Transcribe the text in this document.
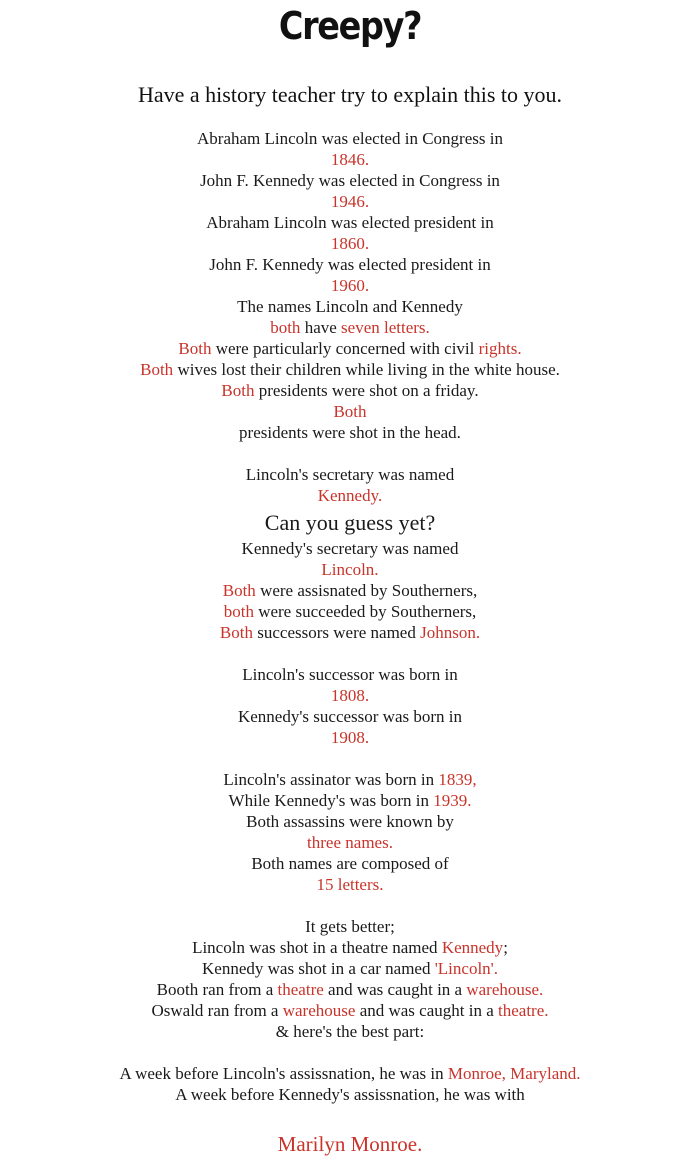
Creepy?
Have a history teacher try to explain this to you.
Abraham Lincoln was elected in Congress in
1846.
John F. Kennedy was elected in Congress in
1946.
Abraham Lincoln was elected president in
1860.
John F. Kennedy was elected president in
1960.
The names Lincoln and Kennedy
both have seven letters.
Both were particularly concerned with civil rights.
Both wives lost their children while living in the white house.
Both presidents were shot on a friday.
Both
presidents were shot in the head.
Lincoln's secretary was named
Kennedy.
Can you guess yet?
Kennedy's secretary was named
Lincoln.
Both were assisnated by Southerners,
both were succeeded by Southerners,
Both successors were named Johnson.
Lincoln's successor was born in
1808.
Kennedy's successor was born in
1908.
Lincoln's assinator was born in 1839,
While Kennedy's was born in 1939.
Both assassins were known by
three names.
Both names are composed of
15 letters.
It gets better;
Lincoln was shot in a theatre named Kennedy;
Kennedy was shot in a car named 'Lincoln'.
Booth ran from a theatre and was caught in a warehouse.
Oswald ran from a warehouse and was caught in a theatre.
& here's the best part:
A week before Lincoln's assissnation, he was in Monroe, Maryland.
A week before Kennedy's assissnation, he was with
Marilyn Monroe.
